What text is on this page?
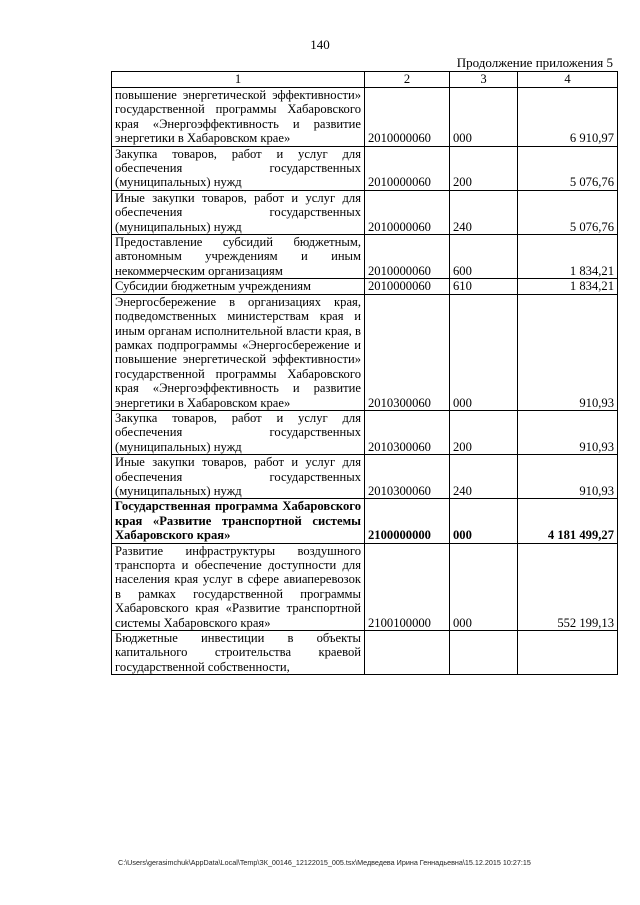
140
Продолжение приложения 5
1	2	3	4
повышение энергетической эффективности» государственной программы Хабаровского края «Энергоэффективность и развитие энергетики в Хабаровском крае»	2010000060	000	6 910,97
Закупка товаров, работ и услуг для обеспечения государственных (муниципальных) нужд	2010000060	200	5 076,76
Иные закупки товаров, работ и услуг для обеспечения государственных (муниципальных) нужд	2010000060	240	5 076,76
Предоставление субсидий бюджетным, автономным учреждениям и иным некоммерческим организациям	2010000060	600	1 834,21
Субсидии бюджетным учреждениям	2010000060	610	1 834,21
Энергосбережение в организациях края, подведомственных министерствам края и иным органам исполнительной власти края, в рамках подпрограммы «Энергосбережение и повышение энергетической эффективности» государственной программы Хабаровского края «Энергоэффективность и развитие энергетики в Хабаровском крае»	2010300060	000	910,93
Закупка товаров, работ и услуг для обеспечения государственных (муниципальных) нужд	2010300060	200	910,93
Иные закупки товаров, работ и услуг для обеспечения государственных (муниципальных) нужд	2010300060	240	910,93
Государственная программа Хабаровского края «Развитие транспортной системы Хабаровского края»	2100000000	000	4 181 499,27
Развитие инфраструктуры воздушного транспорта и обеспечение доступности для населения края услуг в сфере авиаперевозок в рамках государственной программы Хабаровского края «Развитие транспортной системы Хабаровского края»	2100100000	000	552 199,13
Бюджетные инвестиции в объекты капитального строительства краевой государственной собственности,			
C:\Users\gerasimchuk\AppData\Local\Temp\ЗК_00146_12122015_005.tsx\Медведева Ирина Геннадьевна\15.12.2015 10:27:15
